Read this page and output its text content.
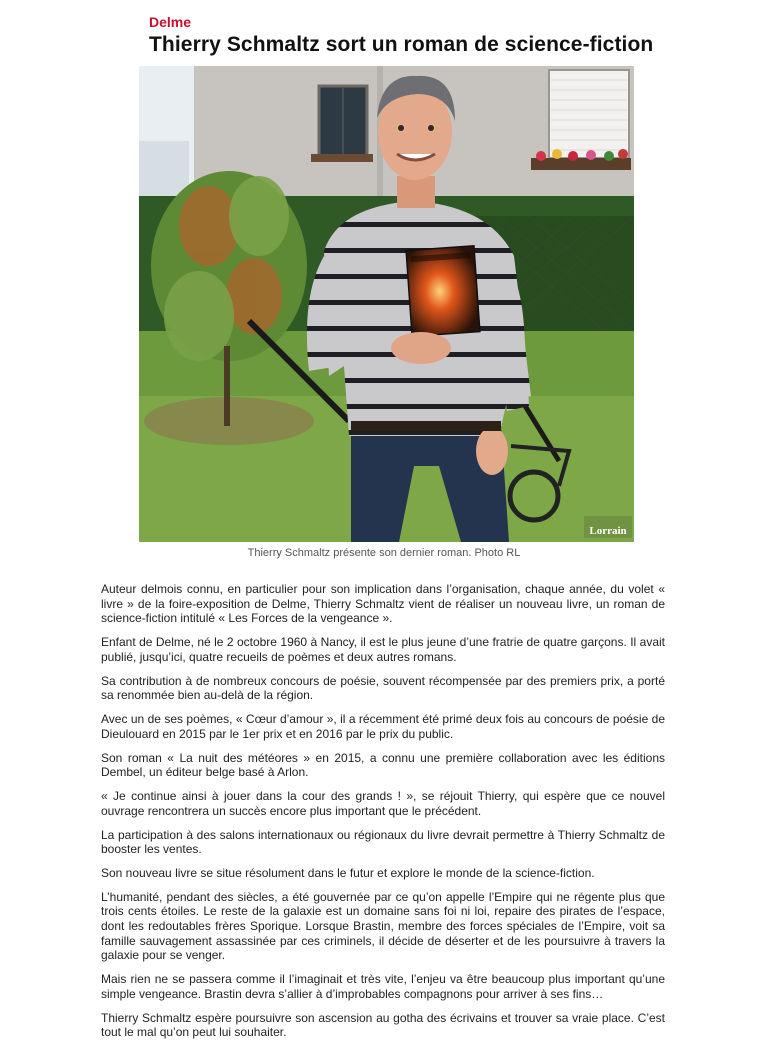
Delme
Thierry Schmaltz sort un roman de science-fiction
Lorrain
Thierry Schmaltz présente son dernier roman. Photo RL

Auteur delmois connu, en particulier pour son implication dans l’organisation, chaque année, du volet « livre » de la foire-exposition de Delme, Thierry Schmaltz vient de réaliser un nouveau livre, un roman de science-fiction intitulé « Les Forces de la vengeance ».

Enfant de Delme, né le 2 octobre 1960 à Nancy, il est le plus jeune d’une fratrie de quatre garçons. Il avait publié, jusqu’ici, quatre recueils de poèmes et deux autres romans.

Sa contribution à de nombreux concours de poésie, souvent récompensée par des premiers prix, a porté sa renommée bien au-delà de la région.

Avec un de ses poèmes, « Cœur d’amour », il a récemment été primé deux fois au concours de poésie de Dieulouard en 2015 par le 1er prix et en 2016 par le prix du public.

Son roman « La nuit des météores » en 2015, a connu une première collaboration avec les éditions Dembel, un éditeur belge basé à Arlon.

« Je continue ainsi à jouer dans la cour des grands ! », se réjouit Thierry, qui espère que ce nouvel ouvrage rencontrera un succès encore plus important que le précédent.

La participation à des salons internationaux ou régionaux du livre devrait permettre à Thierry Schmaltz de booster les ventes.

Son nouveau livre se situe résolument dans le futur et explore le monde de la science-fiction.

L’humanité, pendant des siècles, a été gouvernée par ce qu’on appelle l’Empire qui ne régente plus que trois cents étoiles. Le reste de la galaxie est un domaine sans foi ni loi, repaire des pirates de l’espace, dont les redoutables frères Sporique. Lorsque Brastin, membre des forces spéciales de l’Empire, voit sa famille sauvagement assassinée par ces criminels, il décide de déserter et de les poursuivre à travers la galaxie pour se venger.

Mais rien ne se passera comme il l’imaginait et très vite, l’enjeu va être beaucoup plus important qu’une simple vengeance. Brastin devra s’allier à d’improbables compagnons pour arriver à ses fins…

Thierry Schmaltz espère poursuivre son ascension au gotha des écrivains et trouver sa vraie place. C’est tout le mal qu’on peut lui souhaiter.
